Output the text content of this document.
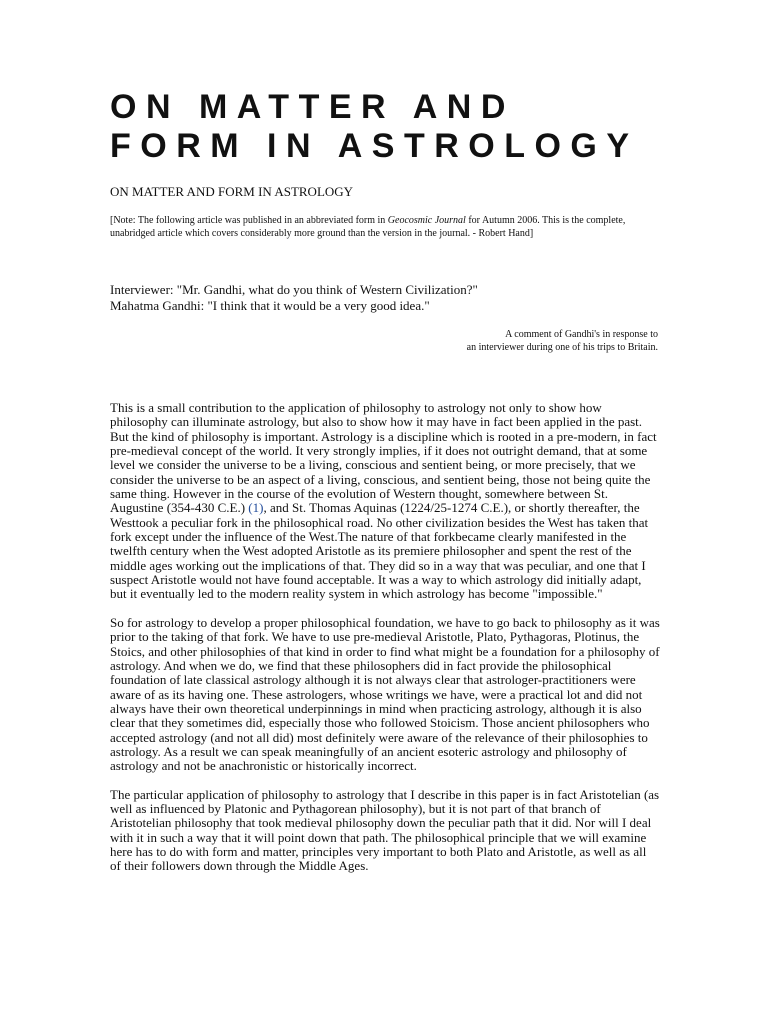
ON MATTER AND
FORM IN ASTROLOGY
ON MATTER AND FORM IN ASTROLOGY
[Note: The following article was published in an abbreviated form in Geocosmic Journal for Autumn 2006. This is the complete, unabridged article which covers considerably more ground than the version in the journal. - Robert Hand]
Interviewer: "Mr. Gandhi, what do you think of Western Civilization?"
Mahatma Gandhi: "I think that it would be a very good idea."
A comment of Gandhi's in response to
an interviewer during one of his trips to Britain.

This is a small contribution to the application of philosophy to astrology not only to show how philosophy can illuminate astrology, but also to show how it may have in fact been applied in the past. But the kind of philosophy is important. Astrology is a discipline which is rooted in a pre-modern, in fact pre-medieval concept of the world. It very strongly implies, if it does not outright demand, that at some level we consider the universe to be a living, conscious and sentient being, or more precisely, that we consider the universe to be an aspect of a living, conscious, and sentient being, those not being quite the same thing. However in the course of the evolution of Western thought, somewhere between St. Augustine (354-430 C.E.) (1), and St. Thomas Aquinas (1224/25-1274 C.E.), or shortly thereafter, the Westtook a peculiar fork in the philosophical road. No other civilization besides the West has taken that fork except under the influence of the West.The nature of that forkbecame clearly manifested in the twelfth century when the West adopted Aristotle as its premiere philosopher and spent the rest of the middle ages working out the implications of that. They did so in a way that was peculiar, and one that I suspect Aristotle would not have found acceptable. It was a way to which astrology did initially adapt, but it eventually led to the modern reality system in which astrology has become "impossible."

So for astrology to develop a proper philosophical foundation, we have to go back to philosophy as it was prior to the taking of that fork. We have to use pre-medieval Aristotle, Plato, Pythagoras, Plotinus, the Stoics, and other philosophies of that kind in order to find what might be a foundation for a philosophy of astrology. And when we do, we find that these philosophers did in fact provide the philosophical foundation of late classical astrology although it is not always clear that astrologer-practitioners were aware of as its having one. These astrologers, whose writings we have, were a practical lot and did not always have their own theoretical underpinnings in mind when practicing astrology, although it is also clear that they sometimes did, especially those who followed Stoicism. Those ancient philosophers who accepted astrology (and not all did) most definitely were aware of the relevance of their philosophies to astrology. As a result we can speak meaningfully of an ancient esoteric astrology and philosophy of astrology and not be anachronistic or historically incorrect.

The particular application of philosophy to astrology that I describe in this paper is in fact Aristotelian (as well as influenced by Platonic and Pythagorean philosophy), but it is not part of that branch of Aristotelian philosophy that took medieval philosophy down the peculiar path that it did. Nor will I deal with it in such a way that it will point down that path. The philosophical principle that we will examine here has to do with form and matter, principles very important to both Plato and Aristotle, as well as all of their followers down through the Middle Ages.
